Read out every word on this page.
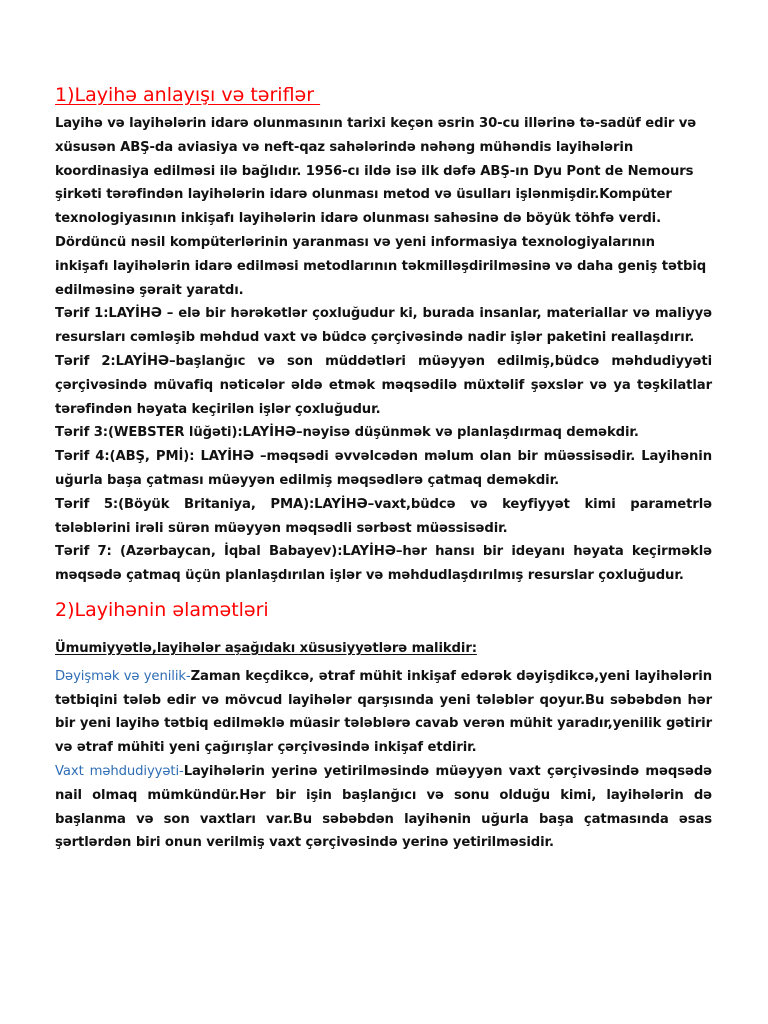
1)Layihə anlayışı və təriflər

Layihə və layihələrin idarə olunmasının tarixi keçən əsrin 30-cu illərinə tə-sadüf edir və xüsusən ABŞ-da aviasiya və neft-qaz sahələrində nəhəng mühəndis layihələrin koordinasiya edilməsi ilə bağlıdır. 1956-cı ildə isə ilk dəfə ABŞ-ın Dyu Pont de Nemours şirkəti tərəfindən layihələrin idarə olunması metod və üsulları işlənmişdir.Kompüter texnologiyasının inkişafı layihələrin idarə olunması sahəsinə də böyük töhfə verdi. Dördüncü nəsil kompüterlərinin yaranması və yeni informasiya texnologiyalarının inkişafı layihələrin idarə edilməsi metodlarının təkmilləşdirilməsinə və daha geniş tətbiq edilməsinə şərait yaratdı.

Tərif 1:LAYİHƏ – elə bir hərəkətlər çoxluğudur ki, burada insanlar, materiallar və maliyyə resursları cəmləşib məhdud vaxt və büdcə çərçivəsində nadir işlər paketini reallaşdırır.

Tərif 2:LAYİHƏ–başlanğıc və son müddətləri müəyyən edilmiş,büdcə məhdudiyyəti çərçivəsində müvafiq nəticələr əldə etmək məqsədilə müxtəlif şəxslər və ya təşkilatlar tərəfindən həyata keçirilən işlər çoxluğudur.

Tərif 3:(WEBSTER lüğəti):LAYİHƏ–nəyisə düşünmək və planlaşdırmaq deməkdir.

Tərif 4:(ABŞ, PMİ): LAYİHƏ –məqsədi əvvəlcədən məlum olan bir müəssisədir. Layihənin uğurla başa çatması müəyyən edilmiş məqsədlərə çatmaq deməkdir.

Tərif 5:(Böyük Britaniya, PMA):LAYİHƏ–vaxt,büdcə və keyfiyyət kimi parametrlə tələblərini irəli sürən müəyyən məqsədli sərbəst müəssisədir.

Tərif 7: (Azərbaycan, İqbal Babayev):LAYİHƏ–hər hansı bir ideyanı həyata keçirməklə məqsədə çatmaq üçün planlaşdırılan işlər və məhdudlaşdırılmış resurslar çoxluğudur.

2)Layihənin əlamətləri

Ümumiyyətlə,layihələr aşağıdakı xüsusiyyətlərə malikdir:

Dəyişmək və yenilik-Zaman keçdikcə, ətraf mühit inkişaf edərək dəyişdikcə,yeni layihələrin tətbiqini tələb edir və mövcud layihələr qarşısında yeni tələblər qoyur.Bu səbəbdən hər bir yeni layihə tətbiq edilməklə müasir tələblərə cavab verən mühit yaradır,yenilik gətirir və ətraf mühiti yeni çağırışlar çərçivəsində inkişaf etdirir.

Vaxt məhdudiyyəti-Layihələrin yerinə yetirilməsində müəyyən vaxt çərçivəsində məqsədə nail olmaq mümkündür.Hər bir işin başlanğıcı və sonu olduğu kimi, layihələrin də başlanma və son vaxtları var.Bu səbəbdən layihənin uğurla başa çatmasında əsas şərtlərdən biri onun verilmiş vaxt çərçivəsində yerinə yetirilməsidir.
